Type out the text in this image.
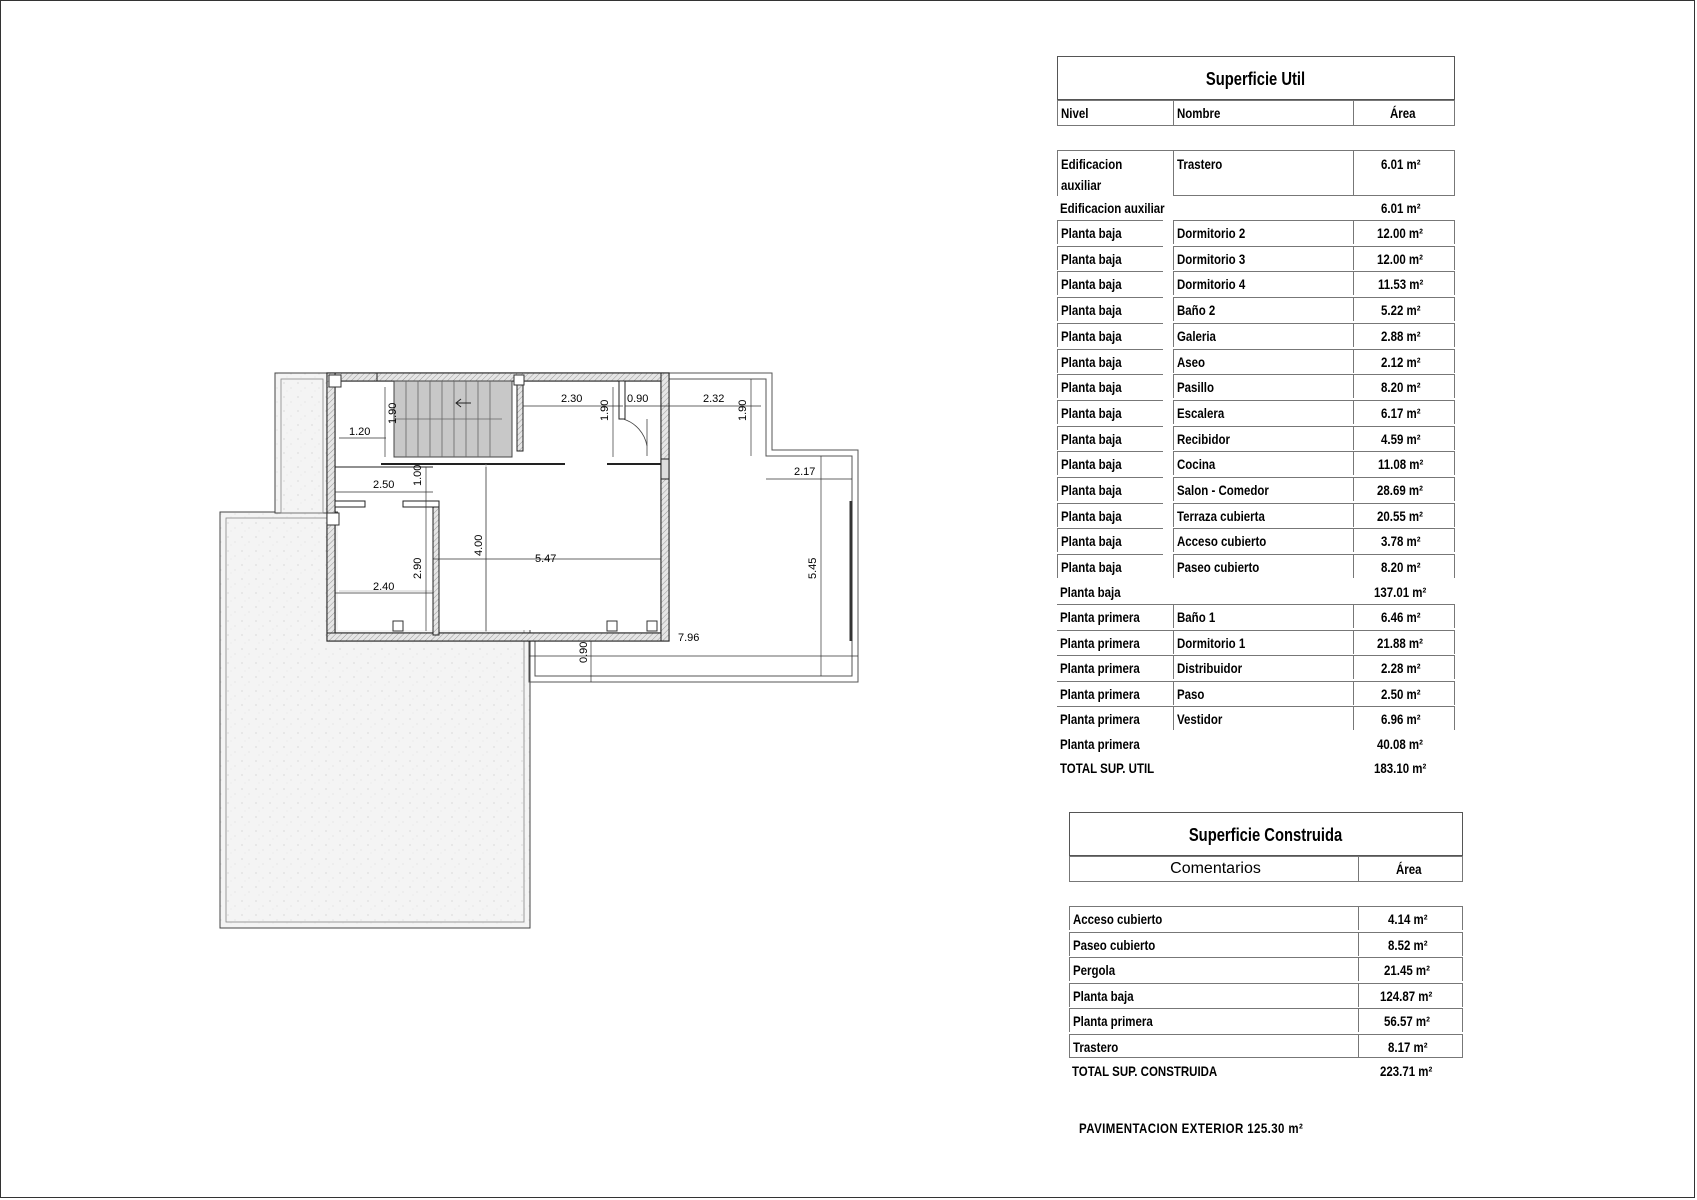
2.30	0.90	2.32
1.90
1.90
1.20
1.90
2.17
2.50 1.00
4.00
5.47	5.45
2.90
2.40
7.96
0.90
Superficie Util
Nivel	Nombre	Área
Edificacion
auxiliar
Trastero	6.01 m²
Edificacion auxiliar	6.01 m²
Planta baja	Dormitorio 2	12.00 m²
Planta baja	Dormitorio 3	12.00 m²
Planta baja	Dormitorio 4	11.53 m²
Planta baja	Baño 2	5.22 m²
Planta baja	Galeria	2.88 m²
Planta baja	Aseo	2.12 m²
Planta baja	Pasillo	8.20 m²
Planta baja	Escalera	6.17 m²
Planta baja	Recibidor	4.59 m²
Planta baja	Cocina	11.08 m²
Planta baja	Salon - Comedor	28.69 m²
Planta baja	Terraza cubierta	20.55 m²
Planta baja	Acceso cubierto	3.78 m²
Planta baja	Paseo cubierto	8.20 m²
Planta baja	137.01 m²
Planta primera	Baño 1	6.46 m²
Planta primera	Dormitorio 1	21.88 m²
Planta primera	Distribuidor	2.28 m²
Planta primera	Paso	2.50 m²
Planta primera	Vestidor	6.96 m²
Planta primera	40.08 m²
TOTAL SUP. UTIL	183.10 m²
Superficie Construida
Comentarios	Área
Acceso cubierto	4.14 m²
Paseo cubierto	8.52 m²
Pergola	21.45 m²
Planta baja	124.87 m²
Planta primera	56.57 m²
Trastero	8.17 m²
TOTAL SUP. CONSTRUIDA	223.71 m²
PAVIMENTACION EXTERIOR 125.30 m²
